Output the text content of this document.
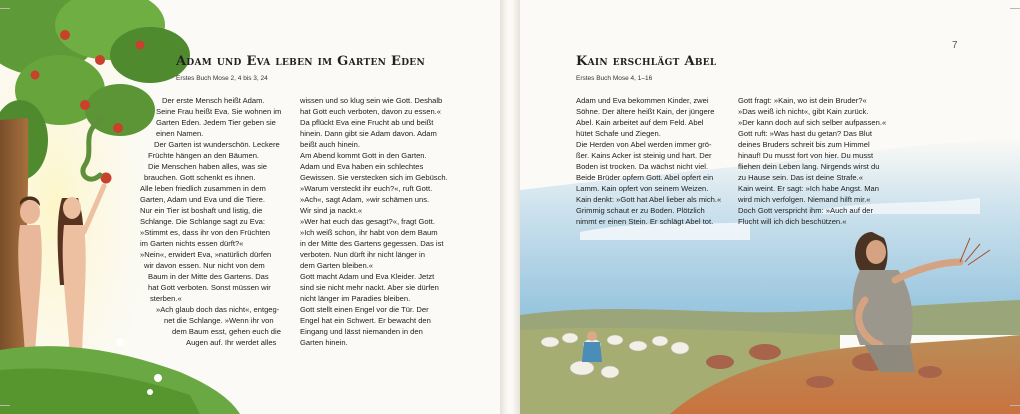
Adam und Eva leben im Garten Eden
Erstes Buch Mose 2, 4 bis 3, 24

Der erste Mensch heißt Adam.

Seine Frau heißt Eva. Sie wohnen im

Garten Eden. Jedem Tier geben sie

einen Namen.

Der Garten ist wunderschön. Leckere

Früchte hängen an den Bäumen.

Die Menschen haben alles, was sie

brauchen. Gott schenkt es ihnen.

Alle leben friedlich zusammen in dem

Garten, Adam und Eva und die Tiere.

Nur ein Tier ist boshaft und listig, die

Schlange. Die Schlange sagt zu Eva:

»Stimmt es, dass ihr von den Früchten

im Garten nichts essen dürft?«

»Nein«, erwidert Eva, »natürlich dürfen

wir davon essen. Nur nicht von dem

Baum in der Mitte des Gartens. Das

hat Gott verboten. Sonst müssen wir

sterben.«

»Ach glaub doch das nicht«, entgeg-

net die Schlange. »Wenn ihr von

dem Baum esst, gehen euch die

Augen auf. Ihr werdet alles

wissen und so klug sein wie Gott. Deshalb

hat Gott euch verboten, davon zu essen.«

Da pflückt Eva eine Frucht ab und beißt

hinein. Dann gibt sie Adam davon. Adam

beißt auch hinein.

Am Abend kommt Gott in den Garten.

Adam und Eva haben ein schlechtes

Gewissen. Sie verstecken sich im Gebüsch.

»Warum versteckt ihr euch?«, ruft Gott.

»Ach«, sagt Adam, »wir schämen uns.

Wir sind ja nackt.«

»Wer hat euch das gesagt?«, fragt Gott.

»Ich weiß schon, ihr habt von dem Baum

in der Mitte des Gartens gegessen. Das ist

verboten. Nun dürft ihr nicht länger in

dem Garten bleiben.«

Gott macht Adam und Eva Kleider. Jetzt

sind sie nicht mehr nackt. Aber sie dürfen

nicht länger im Paradies bleiben.

Gott stellt einen Engel vor die Tür. Der

Engel hat ein Schwert. Er bewacht den

Eingang und lässt niemanden in den

Garten hinein.

7
Kain erschlägt Abel
Erstes Buch Mose 4, 1–16

Adam und Eva bekommen Kinder, zwei

Söhne. Der ältere heißt Kain, der jüngere

Abel. Kain arbeitet auf dem Feld. Abel

hütet Schafe und Ziegen.

Die Herden von Abel werden immer grö-

ßer. Kains Acker ist steinig und hart. Der

Boden ist trocken. Da wächst nicht viel.

Beide Brüder opfern Gott. Abel opfert ein

Lamm. Kain opfert von seinem Weizen.

Kain denkt: »Gott hat Abel lieber als mich.«

Grimmig schaut er zu Boden. Plötzlich

nimmt er einen Stein. Er schlägt Abel tot.

Gott fragt: »Kain, wo ist dein Bruder?«

»Das weiß ich nicht«, gibt Kain zurück.

»Der kann doch auf sich selber aufpassen.«

Gott ruft: »Was hast du getan? Das Blut

deines Bruders schreit bis zum Himmel

hinauf! Du musst fort von hier. Du musst

fliehen dein Leben lang. Nirgends wirst du

zu Hause sein. Das ist deine Strafe.«

Kain weint. Er sagt: »Ich habe Angst. Man

wird mich verfolgen. Niemand hilft mir.«

Doch Gott verspricht ihm: »Auch auf der

Flucht will ich dich beschützen.«
